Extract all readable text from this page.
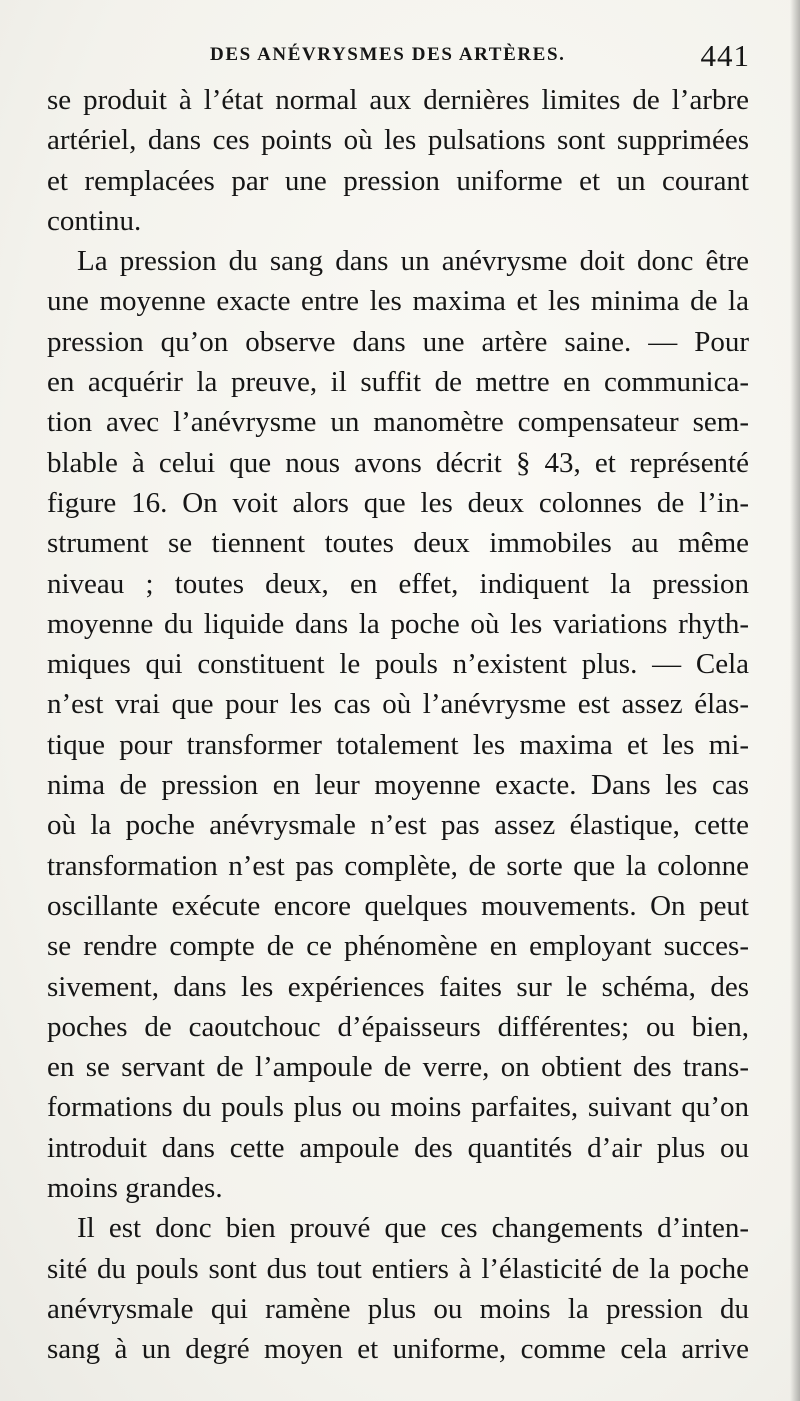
DES ANÉVRYSMES DES ARTÈRES.	441

se produit à l’état normal aux dernières limites de l’arbre
artériel, dans ces points où les pulsations sont supprimées
et remplacées par une pression uniforme et un courant
continu.

La pression du sang dans un anévrysme doit donc être
une moyenne exacte entre les maxima et les minima de la
pression qu’on observe dans une artère saine. — Pour
en acquérir la preuve, il suffit de mettre en communica-
tion avec l’anévrysme un manomètre compensateur sem-
blable à celui que nous avons décrit § 43, et représenté
figure 16. On voit alors que les deux colonnes de l’in-
strument se tiennent toutes deux immobiles au même
niveau ; toutes deux, en effet, indiquent la pression
moyenne du liquide dans la poche où les variations rhyth-
miques qui constituent le pouls n’existent plus. — Cela
n’est vrai que pour les cas où l’anévrysme est assez élas-
tique pour transformer totalement les maxima et les mi-
nima de pression en leur moyenne exacte. Dans les cas
où la poche anévrysmale n’est pas assez élastique, cette
transformation n’est pas complète, de sorte que la colonne
oscillante exécute encore quelques mouvements. On peut
se rendre compte de ce phénomène en employant succes-
sivement, dans les expériences faites sur le schéma, des
poches de caoutchouc d’épaisseurs différentes; ou bien,
en se servant de l’ampoule de verre, on obtient des trans-
formations du pouls plus ou moins parfaites, suivant qu’on
introduit dans cette ampoule des quantités d’air plus ou
moins grandes.

Il est donc bien prouvé que ces changements d’inten-
sité du pouls sont dus tout entiers à l’élasticité de la poche
anévrysmale qui ramène plus ou moins la pression du
sang à un degré moyen et uniforme, comme cela arrive
